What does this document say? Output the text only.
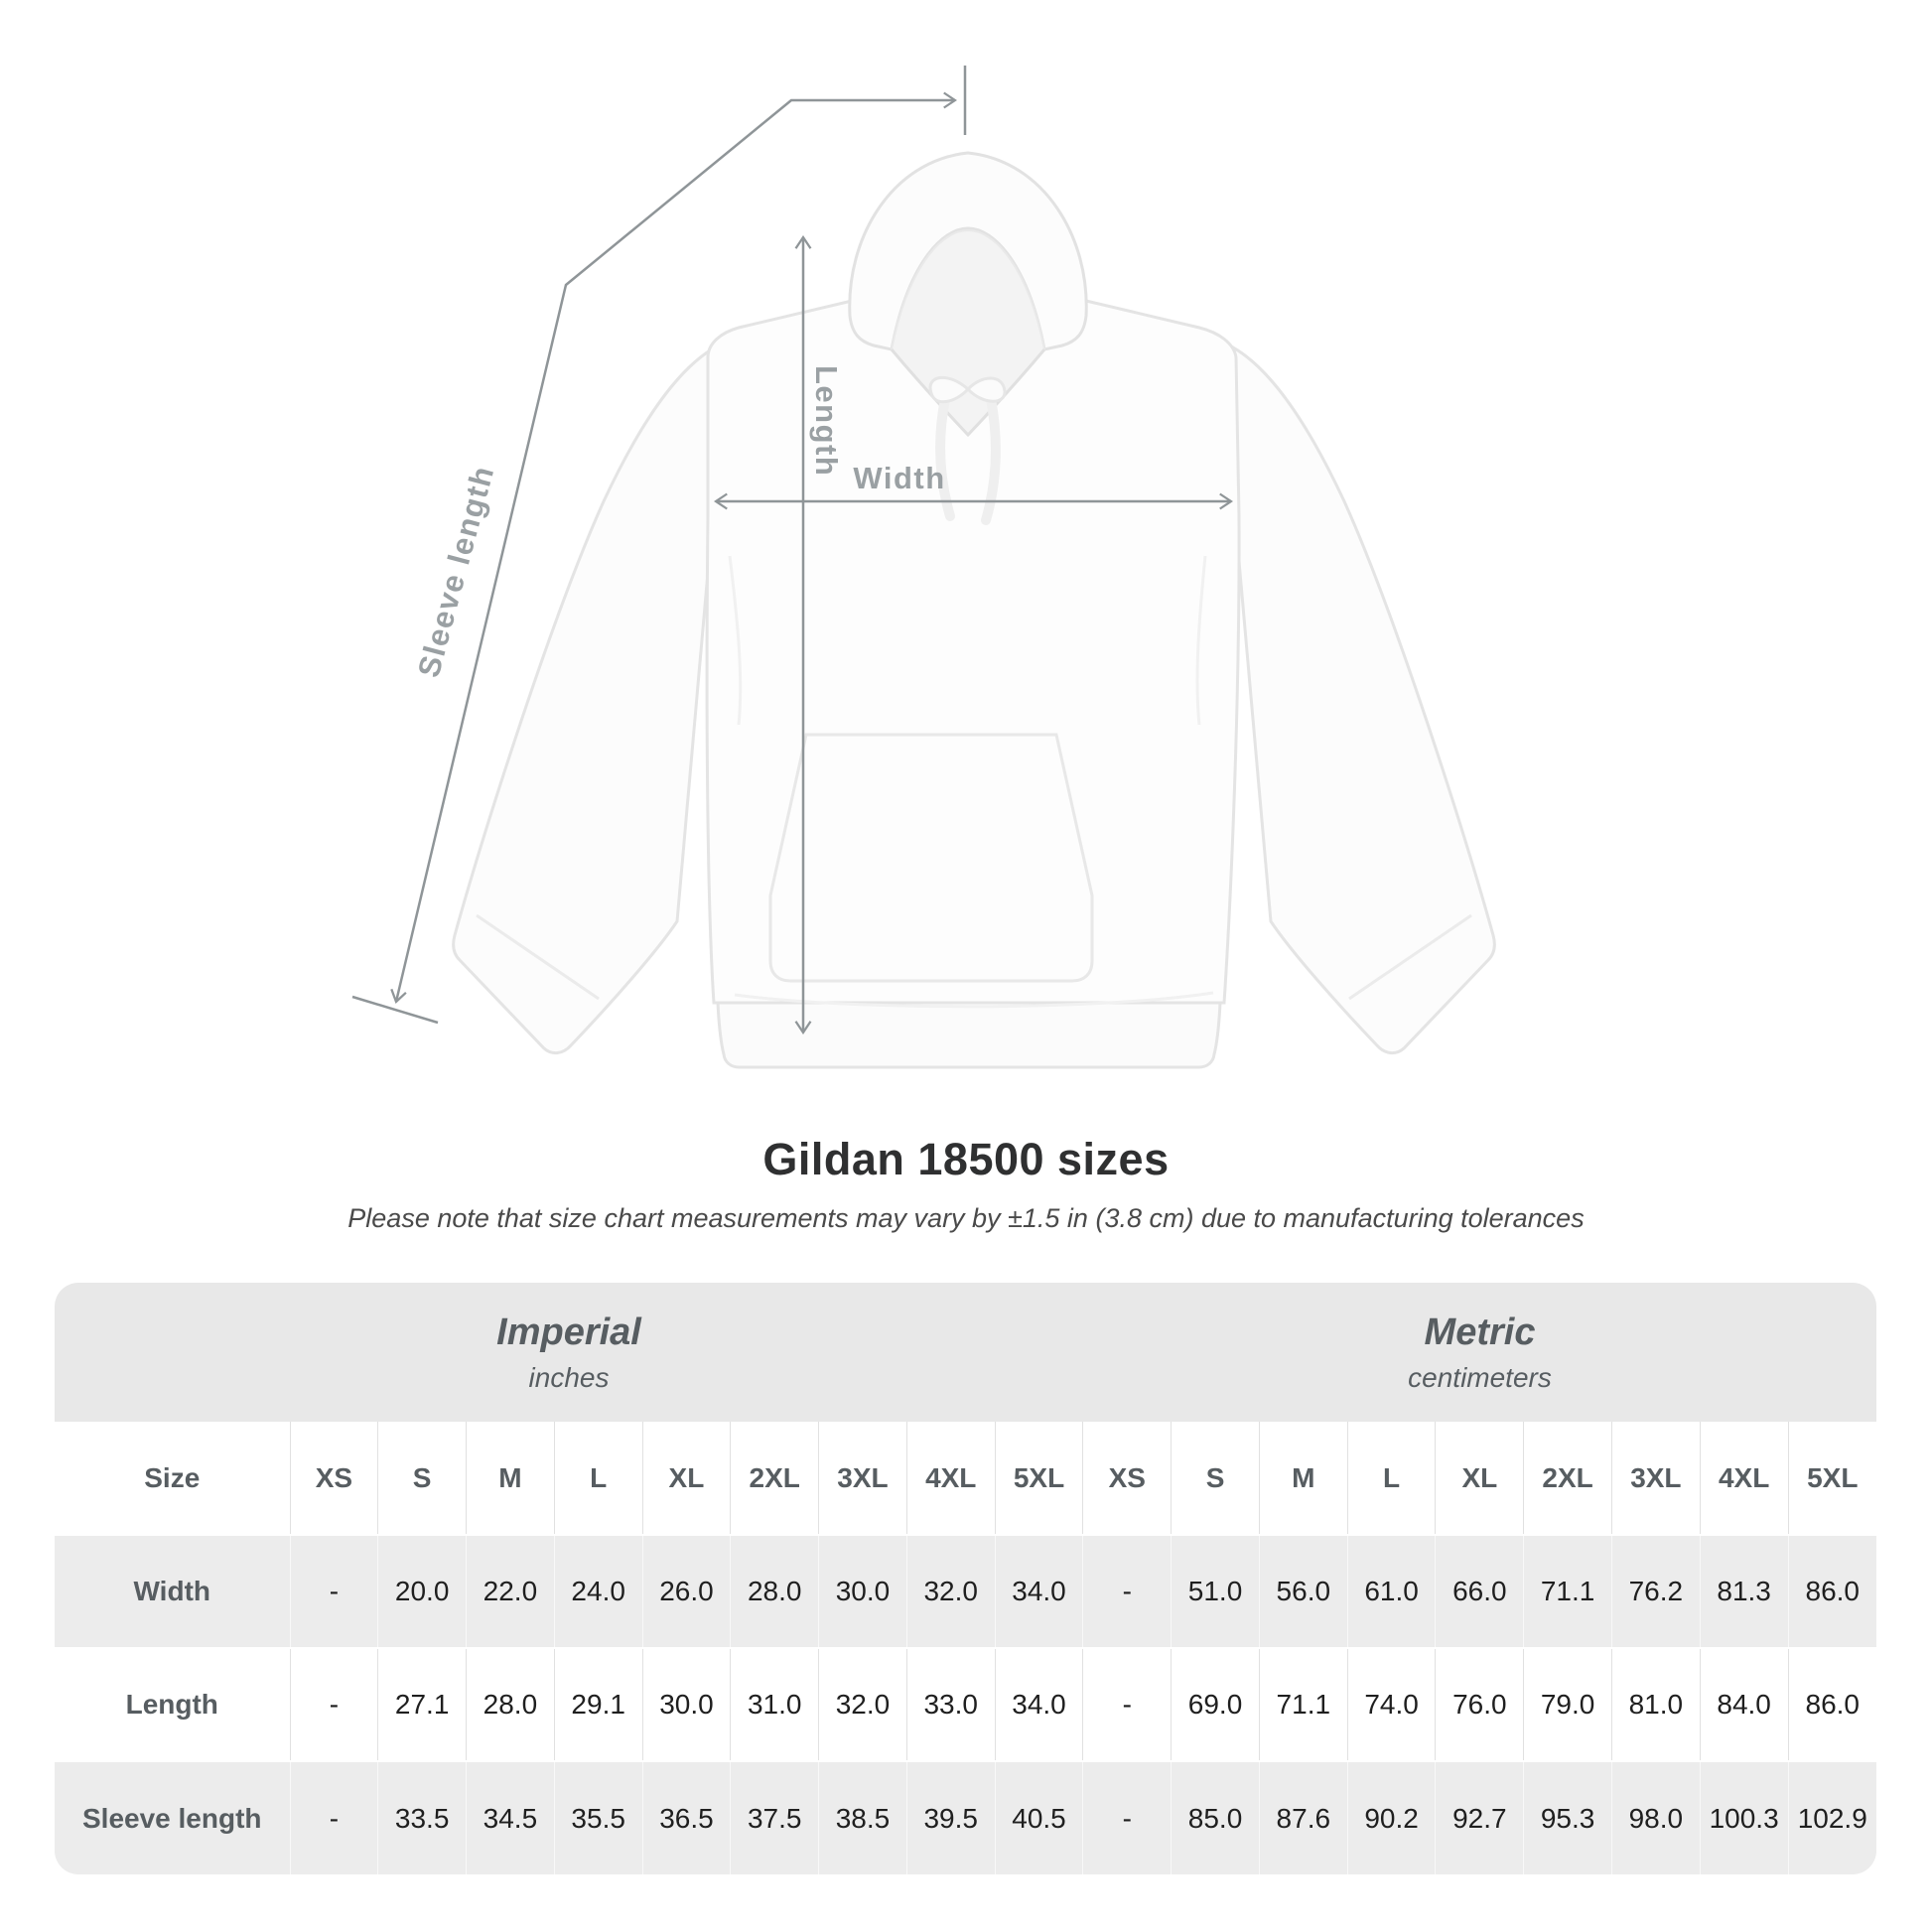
Width
Length
Sleeve length
Gildan 18500 sizes
Please note that size chart measurements may vary by ±1.5 in (3.8 cm) due to manufacturing tolerances
Imperial
inches
Metric
centimeters
Size	XS	S	M	L	XL	2XL	3XL	4XL	5XL	XS	S	M	L	XL	2XL	3XL	4XL	5XL
Width	-	20.0	22.0	24.0	26.0	28.0	30.0	32.0	34.0	-	51.0	56.0	61.0	66.0	71.1	76.2	81.3	86.0
Length	-	27.1	28.0	29.1	30.0	31.0	32.0	33.0	34.0	-	69.0	71.1	74.0	76.0	79.0	81.0	84.0	86.0
Sleeve length	-	33.5	34.5	35.5	36.5	37.5	38.5	39.5	40.5	-	85.0	87.6	90.2	92.7	95.3	98.0	100.3	102.9
